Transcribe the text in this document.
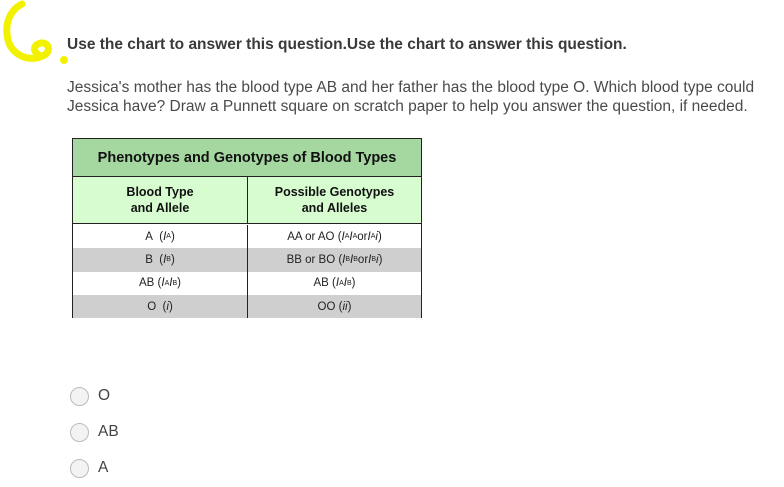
Use the chart to answer this question.Use the chart to answer this question.
Jessica's mother has the blood type AB and her father has the blood type O. Which blood type could Jessica have? Draw a Punnett square on scratch paper to help you answer the question, if needed.
Phenotypes and Genotypes of Blood Types
Blood Type
and Allele
Possible Genotypes
and Alleles
A  ( I A )	AA or AO ( I A I A or I A i )
B  ( I B )	BB or BO ( I B I B or I B i )
AB ( I A I B )	AB ( I A I B )
O  ( i )	OO ( ii )
O
AB
A
